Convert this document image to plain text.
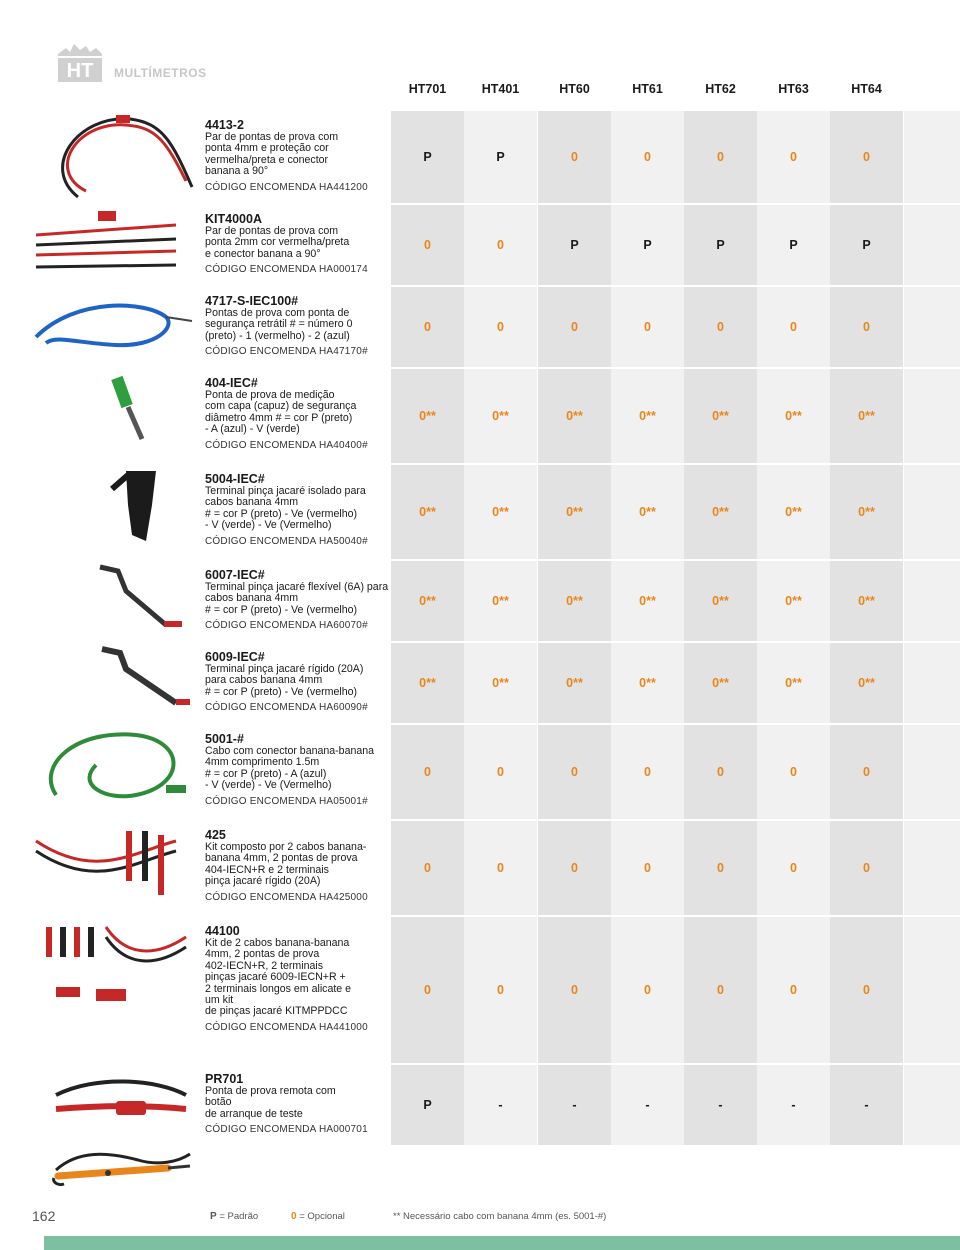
HT MULTÍMETROS
HT701	HT401	HT60	HT61	HT62	HT63	HT64
4413-2
Par de pontas de prova com
ponta 4mm e proteção cor
vermelha/preta e conector
banana a 90°
CÓDIGO ENCOMENDA HA441200
P	P	0	0	0	0	0
KIT4000A
Par de pontas de prova com
ponta 2mm cor vermelha/preta
e conector banana a 90°
CÓDIGO ENCOMENDA HA000174
0	0	P	P	P	P	P
4717-S-IEC100#
Pontas de prova com ponta de
segurança retrátil # = número 0
(preto) - 1 (vermelho) - 2 (azul)
CÓDIGO ENCOMENDA HA47170#
0	0	0	0	0	0	0
404-IEC#
Ponta de prova de medição
com capa (capuz) de segurança
diâmetro 4mm # = cor P (preto)
- A (azul) - V (verde)
CÓDIGO ENCOMENDA HA40400#
0**	0**	0**	0**	0**	0**	0**
5004-IEC#
Terminal pinça jacaré isolado para
cabos banana 4mm
# = cor P (preto) - Ve (vermelho)
- V (verde) - Ve (Vermelho)
CÓDIGO ENCOMENDA HA50040#
0**	0**	0**	0**	0**	0**	0**
6007-IEC#
Terminal pinça jacaré flexível (6A) para
cabos banana 4mm
# = cor P (preto) - Ve (vermelho)
CÓDIGO ENCOMENDA HA60070#
0**	0**	0**	0**	0**	0**	0**
6009-IEC#
Terminal pinça jacaré rígido (20A)
para cabos banana 4mm
# = cor P (preto) - Ve (vermelho)
CÓDIGO ENCOMENDA HA60090#
0**	0**	0**	0**	0**	0**	0**
5001-#
Cabo com conector banana-banana
4mm comprimento 1.5m
# = cor P (preto) - A (azul)
- V (verde) - Ve (Vermelho)
CÓDIGO ENCOMENDA HA05001#
0	0	0	0	0	0	0
425
Kit composto por 2 cabos banana-
banana 4mm, 2 pontas de prova
404-IECN+R e 2 terminais
pinça jacaré rígido (20A)
CÓDIGO ENCOMENDA HA425000
0	0	0	0	0	0	0
44100
Kit de 2 cabos banana-banana
4mm, 2 pontas de prova
402-IECN+R, 2 terminais
pinças jacaré 6009-IECN+R +
2 terminais longos em alicate e
um kit
de pinças jacaré KITMPPDCC
CÓDIGO ENCOMENDA HA441000
0	0	0	0	0	0	0
PR701
Ponta de prova remota com
botão
de arranque de teste
CÓDIGO ENCOMENDA HA000701
P	-	-	-	-	-	-
162	P = Padrão	0 = Opcional	** Necessário cabo com banana 4mm (es. 5001-#)
